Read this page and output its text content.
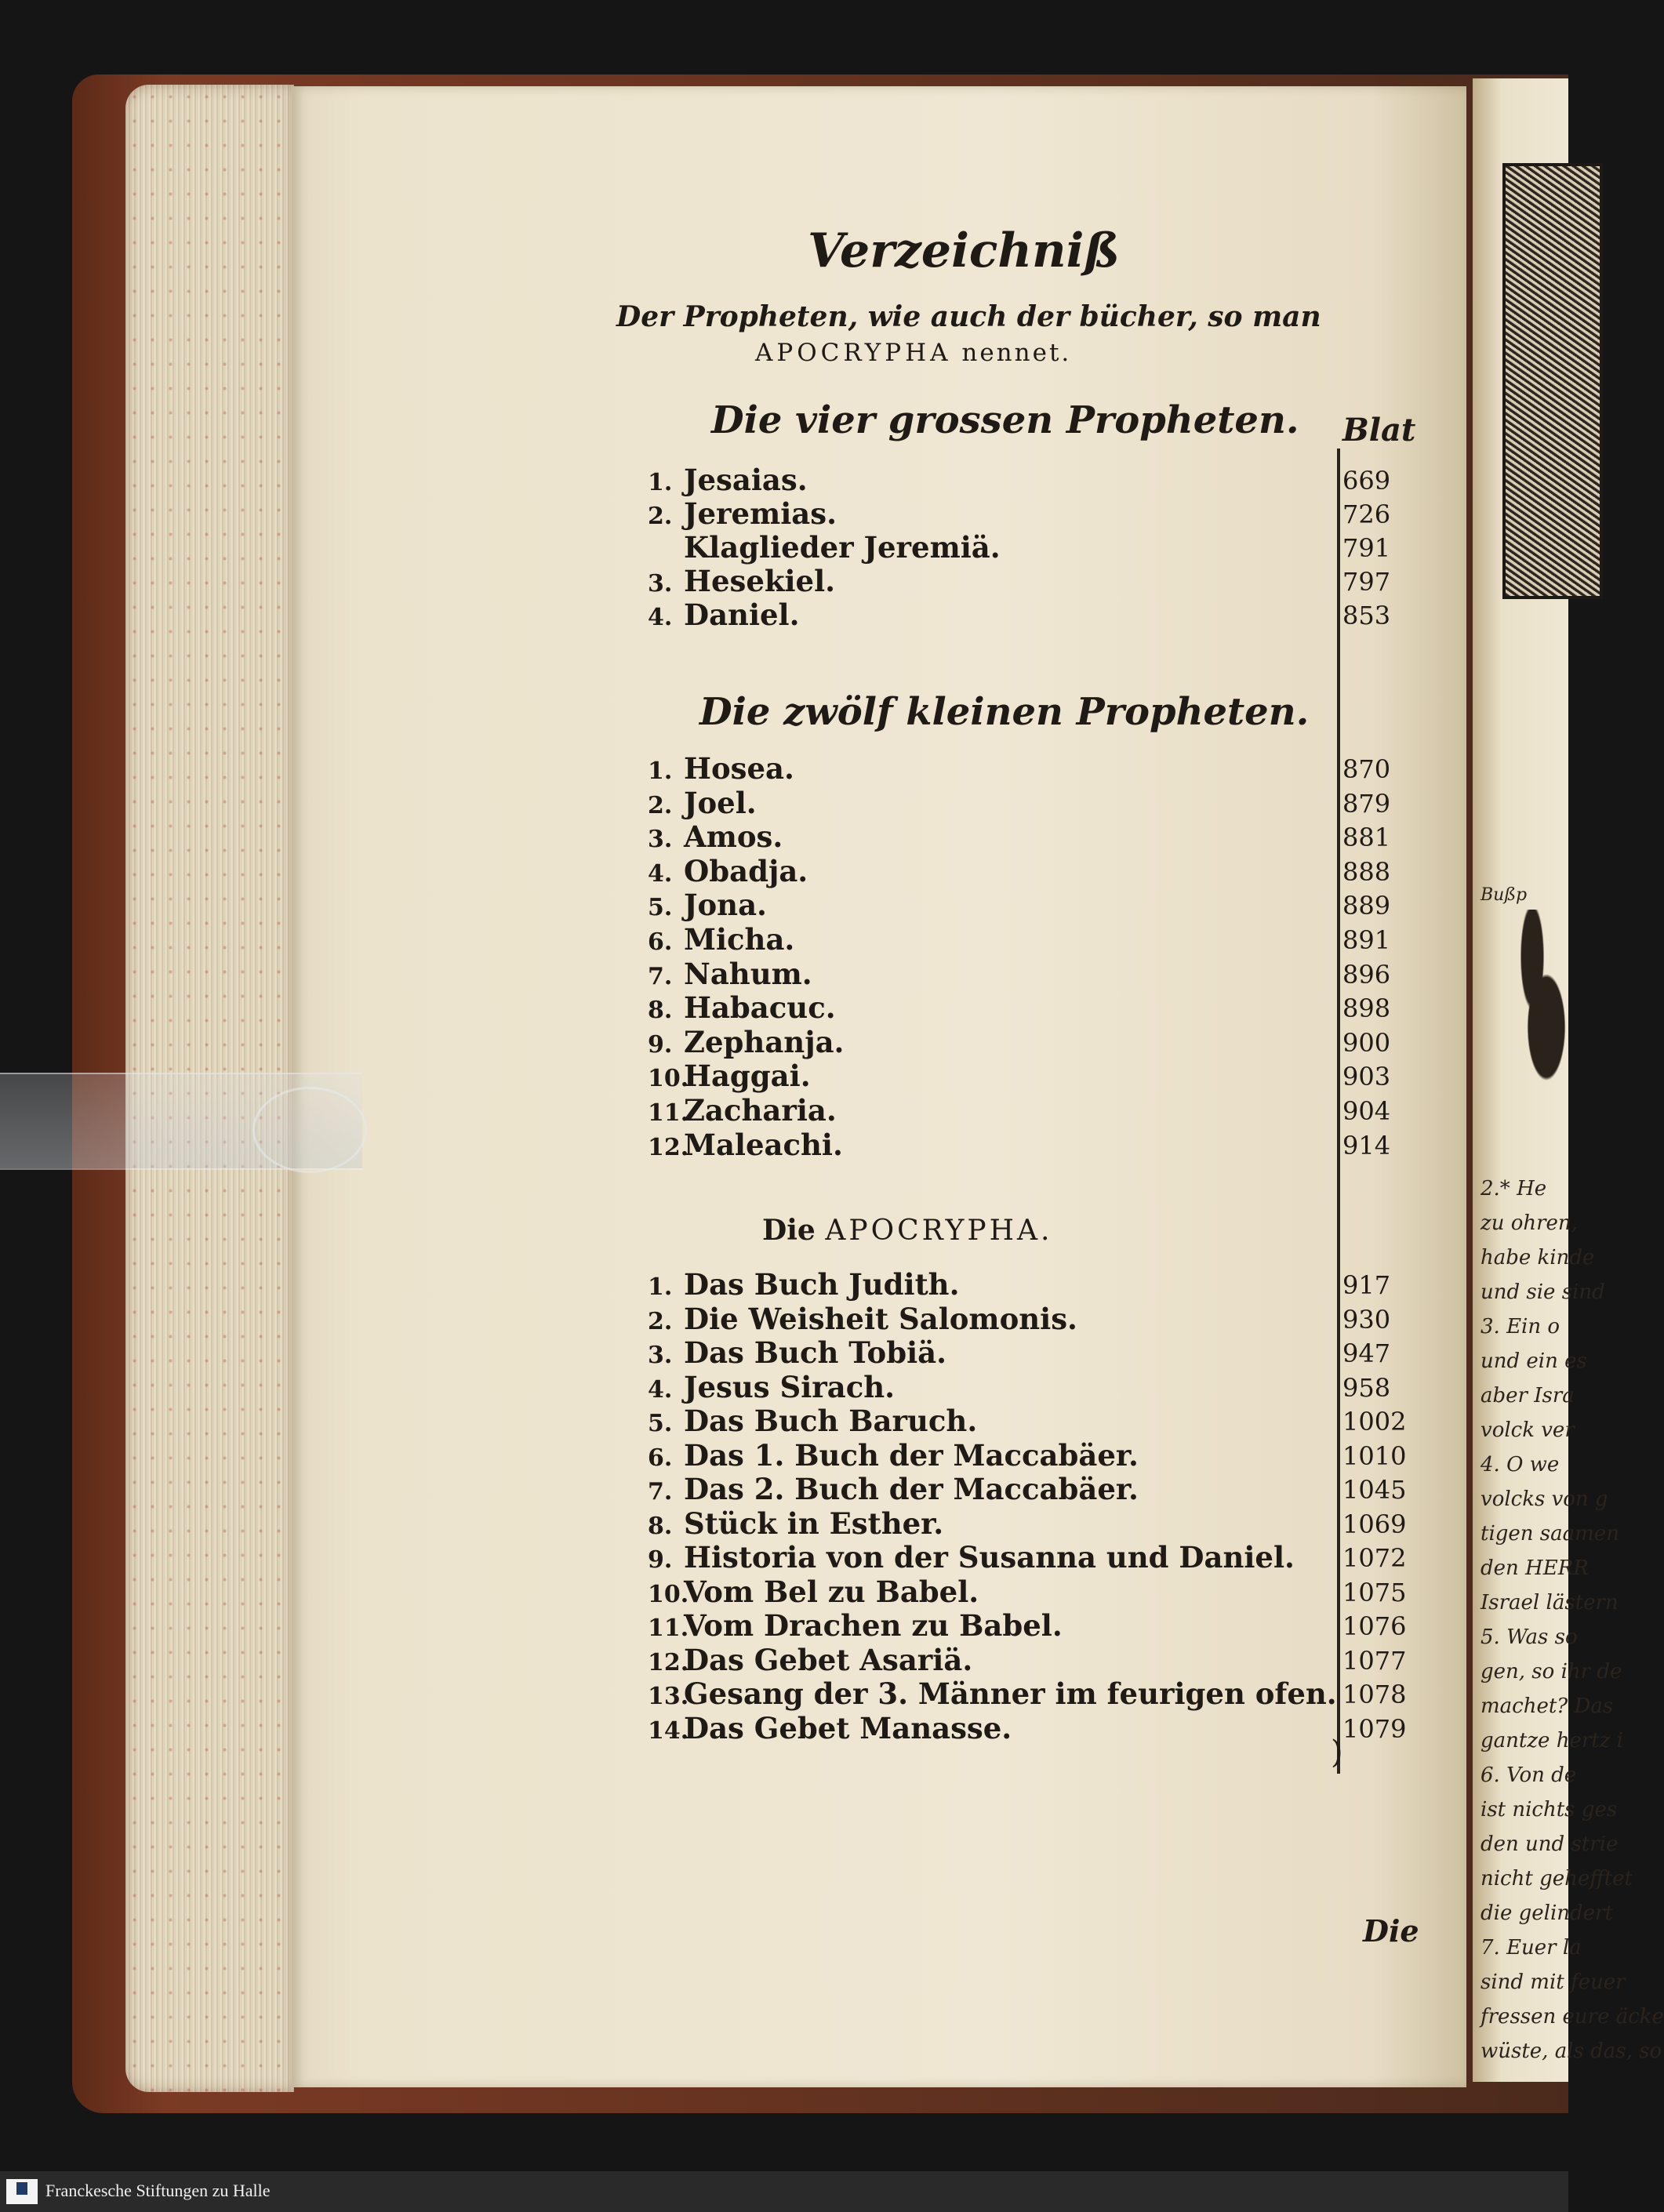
Bußp
2.* He
zu ohren,
habe kinde
und sie sind
3. Ein o
und ein es
aber Isra
volck ver
4. O we
volcks von g
tigen saamen
den HERR
Israel lästern
5. Was so
gen, so ihr de
machet? Das
gantze hertz i
6. Von de
ist nichts ges
den und strie
nicht gehefftet
die gelindert
7. Euer la
sind mit feuer
fressen eure äcke
wüste, als das, so
Verzeichniß
Der Propheten, wie auch der bücher, so man
APOCRYPHA nennet.
Die vier grossen Propheten. Blat
1. Jesaias.	669
2. Jeremias.	726
Klaglieder Jeremiä.	791
3. Hesekiel.	797
4. Daniel.	853
Die zwölf kleinen Propheten.
1. Hosea.	870
2. Joel.	879
3. Amos.	881
4. Obadja.	888
5. Jona.	889
6. Micha.	891
7. Nahum.	896
8. Habacuc.	898
9. Zephanja.	900
10.Haggai.	903
11.Zacharia.	904
12.Maleachi.	914
Die APOCRYPHA.
1. Das Buch Judith.	917
2. Die Weisheit Salomonis.	930
3. Das Buch Tobiä.	947
4. Jesus Sirach.	958
5. Das Buch Baruch.	1002
6. Das 1. Buch der Maccabäer.	1010
7. Das 2. Buch der Maccabäer.	1045
8. Stück in Esther.	1069
9. Historia von der Susanna und Daniel. 1072
10.Vom Bel zu Babel.	1075
11.Vom Drachen zu Babel.	1076
12.Das Gebet Asariä.	1077
13.Gesang der 3. Männer im feurigen ofen. 1078
14.Das Gebet Manasse.	1079
)
Die
Franckesche Stiftungen zu Halle
